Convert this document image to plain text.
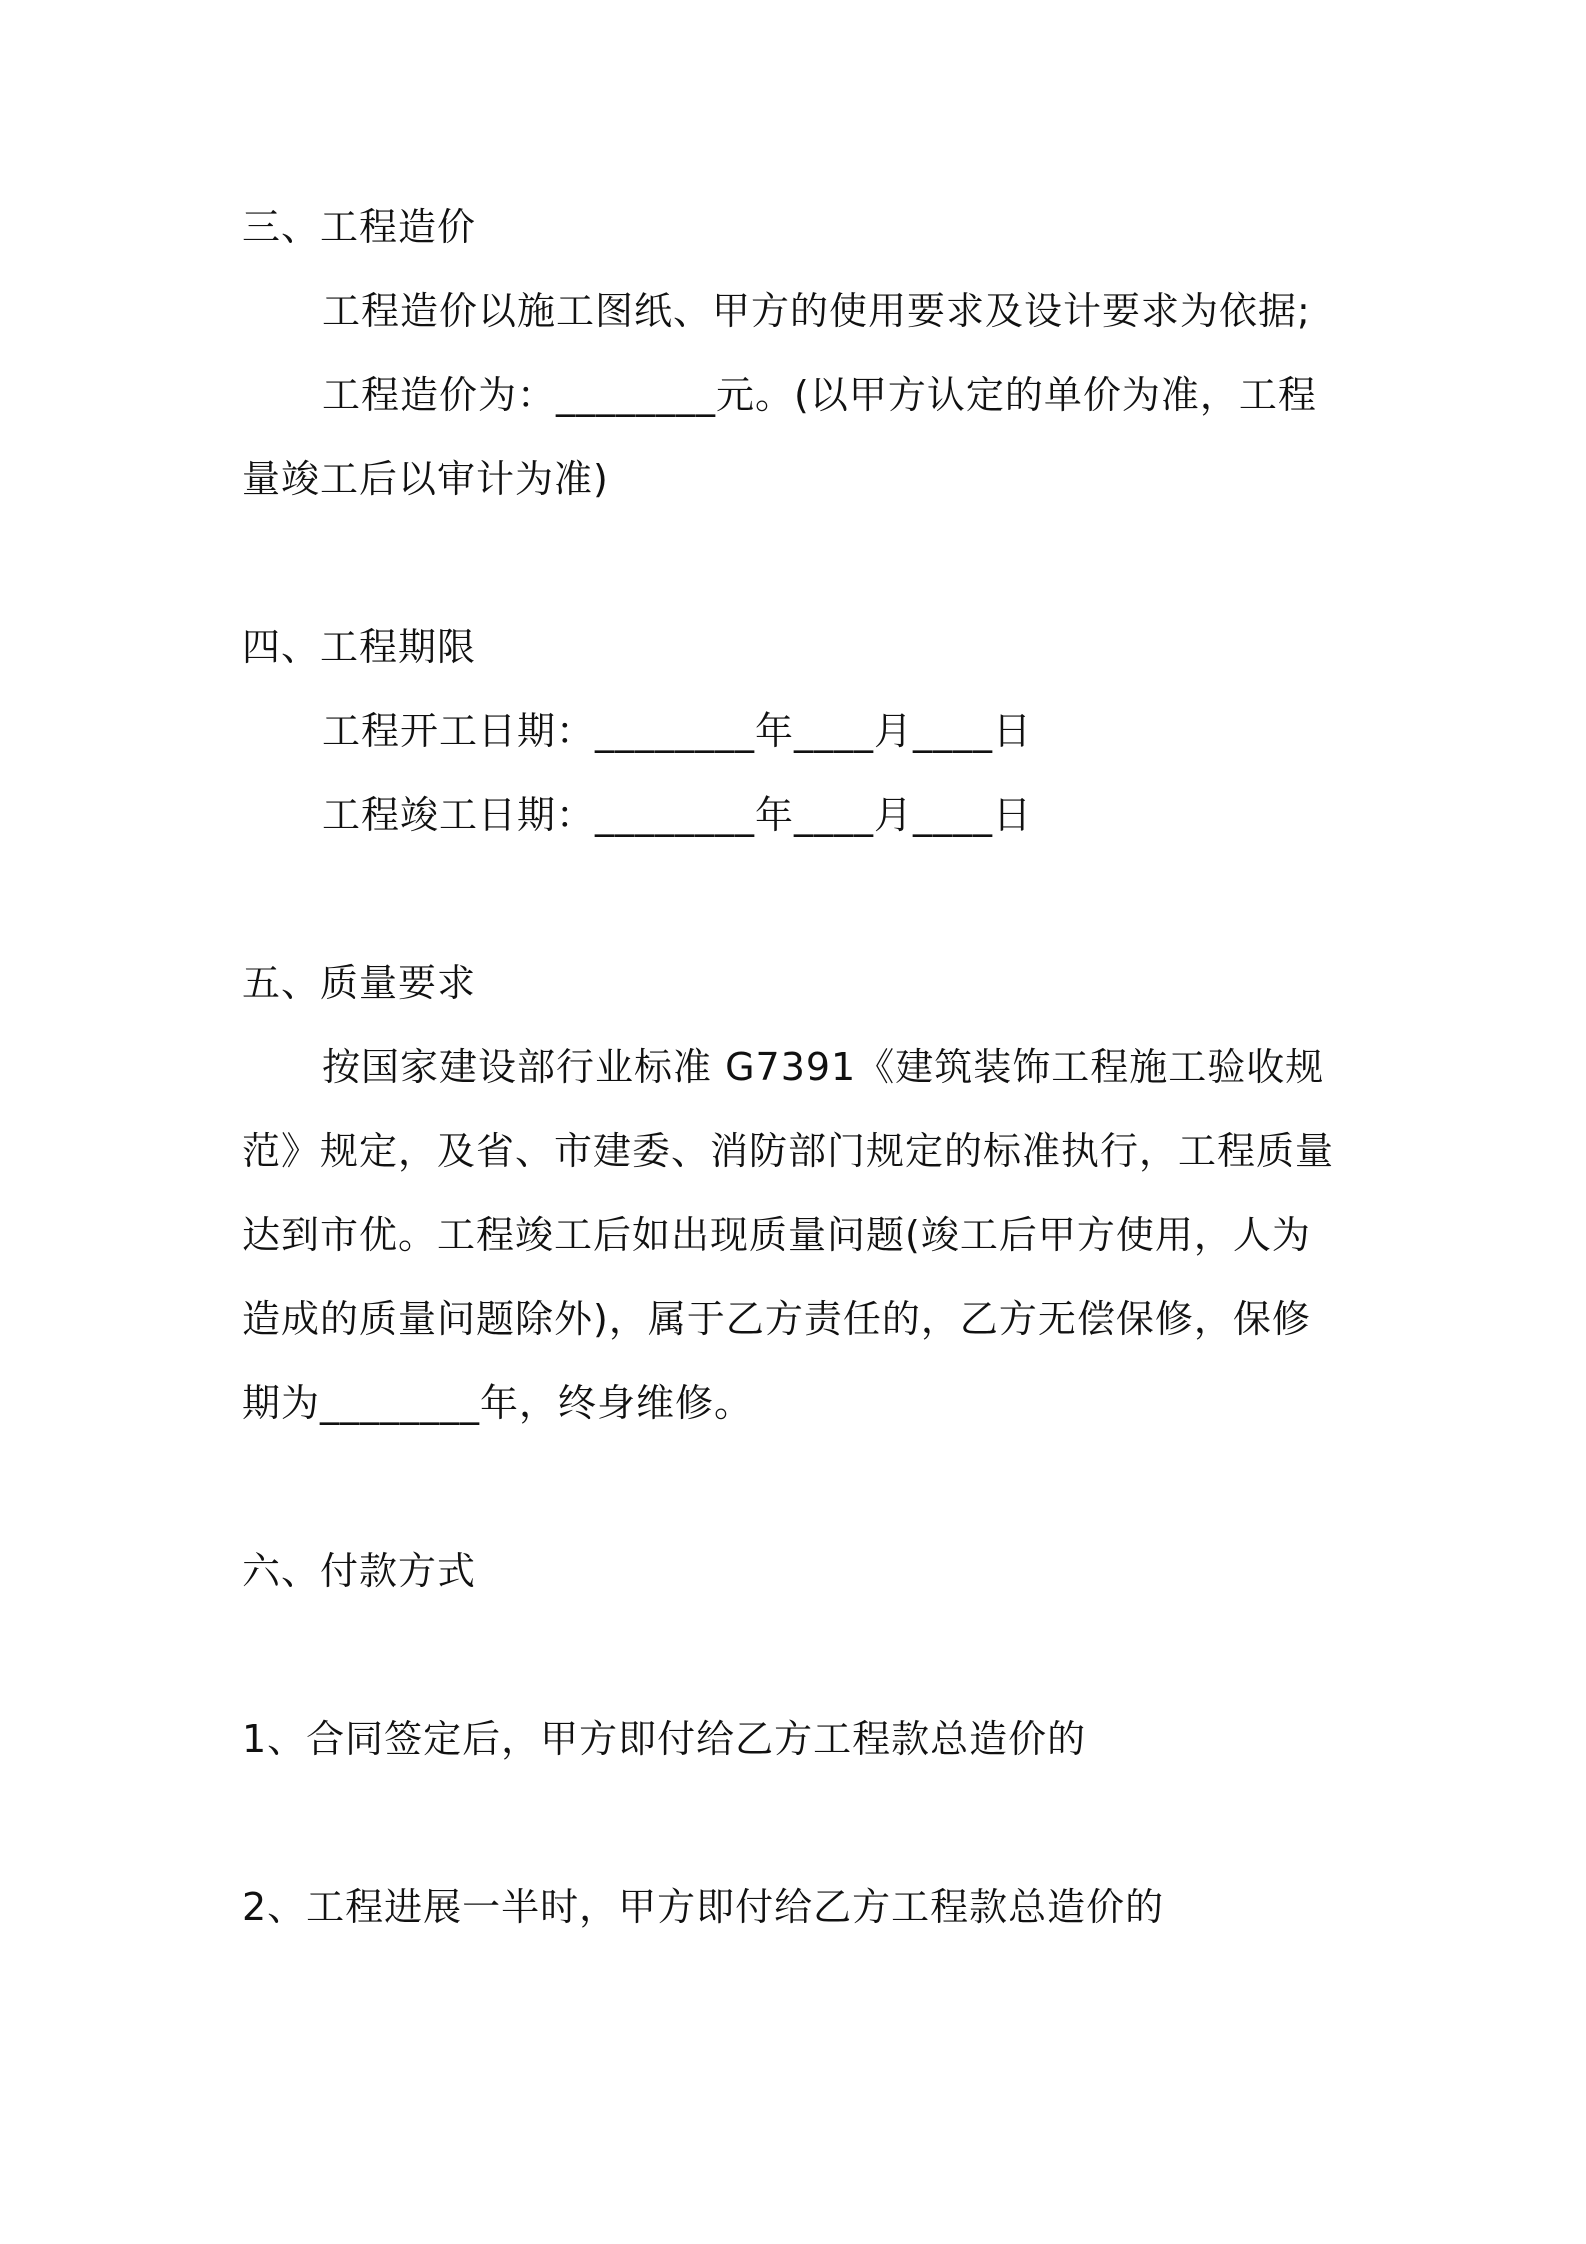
三、工程造价
工程造价以施工图纸、甲方的使用要求及设计要求为依据;
工程造价为：________元。(以甲方认定的单价为准，工程
量竣工后以审计为准)
四、工程期限
工程开工日期：________年____月____日
工程竣工日期：________年____月____日
五、质量要求
按国家建设部行业标准 G7391《建筑装饰工程施工验收规
范》规定，及省、市建委、消防部门规定的标准执行，工程质量
达到市优。工程竣工后如出现质量问题(竣工后甲方使用，人为
造成的质量问题除外)，属于乙方责任的，乙方无偿保修，保修
期为________年，终身维修。
六、付款方式
1、合同签定后，甲方即付给乙方工程款总造价的
2、工程进展一半时，甲方即付给乙方工程款总造价的
